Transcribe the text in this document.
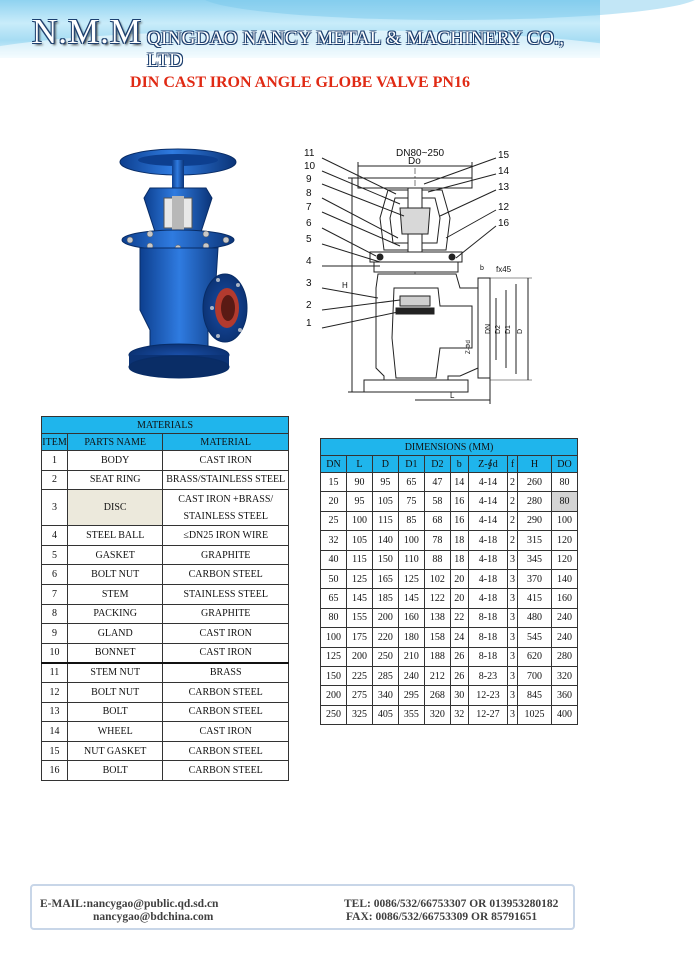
N.M.M QINGDAO NANCY METAL & MACHINERY CO., LTD
DIN CAST IRON ANGLE GLOBE VALVE PN16
DN80~250
Do
11
10
9
8
7
6
5
4
3
2
1
15
14
13
12
16
fx45
H
L
DN D2 D1 D
b
Z-Φd
MATERIALS		
ITEM	PARTS NAME	MATERIAL
1	BODY	CAST IRON
2	SEAT RING	BRASS/STAINLESS STEEL
3	DISC	CAST IRON +BRASS/
STAINLESS STEEL
4	STEEL BALL	≤DN25 IRON WIRE
5	GASKET	GRAPHITE
6	BOLT NUT	CARBON STEEL
7	STEM	STAINLESS STEEL
8	PACKING	GRAPHITE
9	GLAND	CAST IRON
10	BONNET	CAST IRON
11	STEM NUT	BRASS
12	BOLT NUT	CARBON STEEL
13	BOLT	CARBON STEEL
14	WHEEL	CAST IRON
15	NUT GASKET	CARBON STEEL
16	BOLT	CARBON STEEL
DIMENSIONS (MM)									
DN	L	D	D1	D2	b	Z-∮d	f	H	DO
15	90	95	65	47	14	4-14	2	260	80
20	95	105	75	58	16	4-14	2	280	80
25	100	115	85	68	16	4-14	2	290	100
32	105	140	100	78	18	4-18	2	315	120
40	115	150	110	88	18	4-18	3	345	120
50	125	165	125	102	20	4-18	3	370	140
65	145	185	145	122	20	4-18	3	415	160
80	155	200	160	138	22	8-18	3	480	240
100	175	220	180	158	24	8-18	3	545	240
125	200	250	210	188	26	8-18	3	620	280
150	225	285	240	212	26	8-23	3	700	320
200	275	340	295	268	30	12-23	3	845	360
250	325	405	355	320	32	12-27	3	1025	400
E-MAIL:nancygao@public.qd.sd.cn
nancygao@bdchina.com
TEL: 0086/532/66753307 OR 013953280182
FAX: 0086/532/66753309 OR 85791651
